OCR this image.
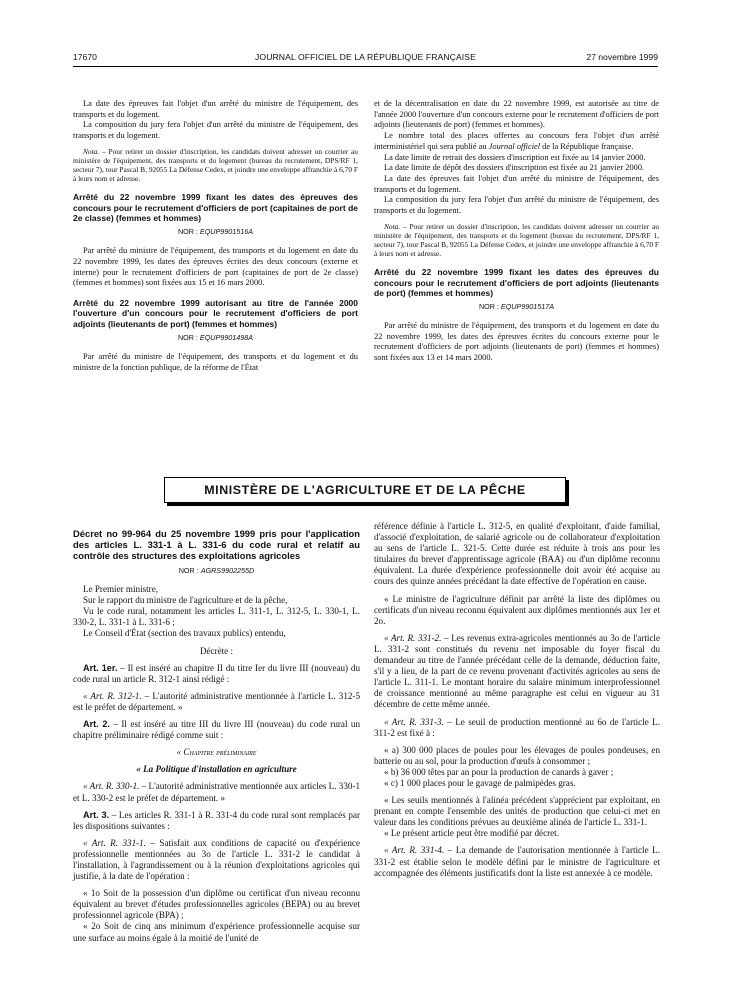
17670	JOURNAL OFFICIEL DE LA RÉPUBLIQUE FRANÇAISE	27 novembre 1999

La date des épreuves fait l'objet d'un arrêté du ministre de l'équipement, des transports et du logement.

La composition du jury fera l'objet d'un arrêté du ministre de l'équipement, des transports et du logement.

Nota. – Pour retirer un dossier d'inscription, les candidats doivent adresser un courrier au ministère de l'équipement, des transports et du logement (bureau du recrutement, DPS/RF 1, secteur 7), tour Pascal B, 92055 La Défense Cedex, et joindre une enveloppe affranchie à 6,70 F à leurs nom et adresse.

Arrêté du 22 novembre 1999 fixant les dates des épreuves des concours pour le recrutement d'officiers de port (capitaines de port de 2e classe) (femmes et hommes)

NOR : EQUP9901516A

Par arrêté du ministre de l'équipement, des transports et du logement en date du 22 novembre 1999, les dates des épreuves écrites des deux concours (externe et interne) pour le recrutement d'officiers de port (capitaines de port de 2e classe) (femmes et hommes) sont fixées aux 15 et 16 mars 2000.

Arrêté du 22 novembre 1999 autorisant au titre de l'année 2000 l'ouverture d'un concours pour le recrutement d'officiers de port adjoints (lieutenants de port) (femmes et hommes)

NOR : EQUP9901498A

Par arrêté du ministre de l'équipement, des transports et du logement et du ministre de la fonction publique, de la réforme de l'État

et de la décentralisation en date du 22 novembre 1999, est autorisée au titre de l'année 2000 l'ouverture d'un concours externe pour le recrutement d'officiers de port adjoints (lieutenants de port) (femmes et hommes).

Le nombre total des places offertes au concours fera l'objet d'un arrêté interministériel qui sera publié au Journal officiel de la République française.

La date limite de retrait des dossiers d'inscription est fixée au 14 janvier 2000.

La date limite de dépôt des dossiers d'inscription est fixée au 21 janvier 2000.

La date des épreuves fait l'objet d'un arrêté du ministre de l'équipement, des transports et du logement.

La composition du jury fera l'objet d'un arrêté du ministre de l'équipement, des transports et du logement.

Nota. – Pour retirer un dossier d'inscription, les candidats doivent adresser un courrier au ministère de l'équipement, des transports et du logement (bureau du recrutement, DPS/RF 1, secteur 7), tour Pascal B, 92055 La Défense Cedex, et joindre une enveloppe affranchie à 6,70 F à leurs nom et adresse.

Arrêté du 22 novembre 1999 fixant les dates des épreuves du concours pour le recrutement d'officiers de port adjoints (lieutenants de port) (femmes et hommes)

NOR : EQUP9901517A

Par arrêté du ministre de l'équipement, des transports et du logement en date du 22 novembre 1999, les dates des épreuves écrites du concours externe pour le recrutement d'officiers de port adjoints (lieutenants de port) (femmes et hommes) sont fixées aux 13 et 14 mars 2000.

MINISTÈRE DE L'AGRICULTURE ET DE LA PÊCHE

Décret no 99-964 du 25 novembre 1999 pris pour l'application des articles L. 331-1 à L. 331-6 du code rural et relatif au contrôle des structures des exploitations agricoles

NOR : AGRS9902255D

Le Premier ministre,

Sur le rapport du ministre de l'agriculture et de la pêche,

Vu le code rural, notamment les articles L. 311-1, L. 312-5, L. 330-1, L. 330-2, L. 331-1 à L. 331-6 ;

Le Conseil d'État (section des travaux publics) entendu,

Décrète :

Art. 1er. – Il est inséré au chapitre II du titre Ier du livre III (nouveau) du code rural un article R. 312-1 ainsi rédigé :

« Art. R. 312-1. – L'autorité administrative mentionnée à l'article L. 312-5 est le préfet de département. »

Art. 2. – Il est inséré au titre III du livre III (nouveau) du code rural un chapitre préliminaire rédigé comme suit :

« Chapitre préliminaire

« La Politique d'installation en agriculture

« Art. R. 330-1. – L'autorité administrative mentionnée aux articles L. 330-1 et L. 330-2 est le préfet de département. »

Art. 3. – Les articles R. 331-1 à R. 331-4 du code rural sont remplacés par les dispositions suivantes :

« Art. R. 331-1. – Satisfait aux conditions de capacité ou d'expérience professionnelle mentionnées au 3o de l'article L. 331-2 le candidat à l'installation, à l'agrandissement ou à la réunion d'exploitations agricoles qui justifie, à la date de l'opération :

« 1o Soit de la possession d'un diplôme ou certificat d'un niveau reconnu équivalent au brevet d'études professionnelles agricoles (BEPA) ou au brevet professionnel agricole (BPA) ;

« 2o Soit de cinq ans minimum d'expérience professionnelle acquise sur une surface au moins égale à la moitié de l'unité de

référence définie à l'article L. 312-5, en qualité d'exploitant, d'aide familial, d'associé d'exploitation, de salarié agricole ou de collaborateur d'exploitation au sens de l'article L. 321-5. Cette durée est réduite à trois ans pour les titulaires du brevet d'apprentissage agricole (BAA) ou d'un diplôme reconnu équivalent. La durée d'expérience professionnelle doit avoir été acquise au cours des quinze années précédant la date effective de l'opération en cause.

« Le ministre de l'agriculture définit par arrêté la liste des diplômes ou certificats d'un niveau reconnu équivalent aux diplômes mentionnés aux 1er et 2o.

« Art. R. 331-2. – Les revenus extra-agricoles mentionnés au 3o de l'article L. 331-2 sont constitués du revenu net imposable du foyer fiscal du demandeur au titre de l'année précédant celle de la demande, déduction faite, s'il y a lieu, de la part de ce revenu provenant d'activités agricoles au sens de l'article L. 311-1. Le montant horaire du salaire minimum interprofessionnel de croissance mentionné au même paragraphe est celui en vigueur au 31 décembre de cette même année.

« Art. R. 331-3. – Le seuil de production mentionné au 6o de l'article L. 311-2 est fixé à :

« a) 300 000 places de poules pour les élevages de poules pondeuses, en batterie ou au sol, pour la production d'œufs à consommer ;

« b) 36 000 têtes par an pour la production de canards à gaver ;

« c) 1 000 places pour le gavage de palmipèdes gras.

« Les seuils mentionnés à l'alinéa précédent s'apprécient par exploitant, en prenant en compte l'ensemble des unités de production que celui-ci met en valeur dans les conditions prévues au deuxième alinéa de l'article L. 331-1.

« Le présent article peut être modifié par décret.

« Art. R. 331-4. – La demande de l'autorisation mentionnée à l'article L. 331-2 est établie selon le modèle défini par le ministre de l'agriculture et accompagnée des éléments justificatifs dont la liste est annexée à ce modèle.
